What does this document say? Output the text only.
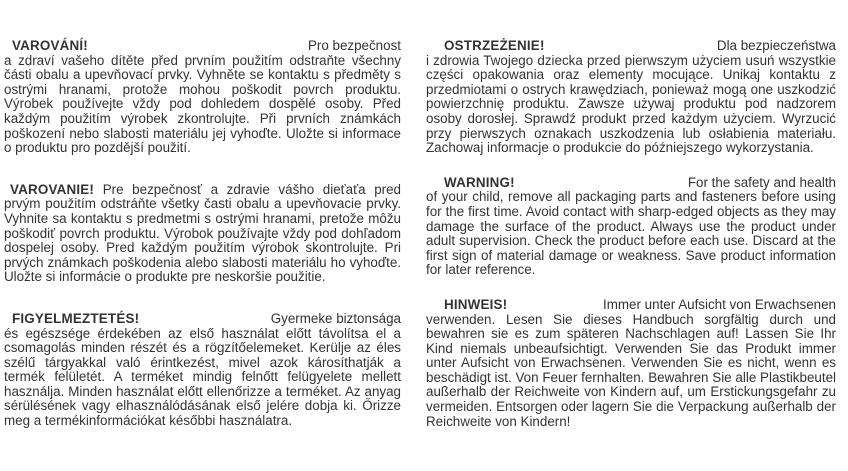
VAROVÁNÍ!	Pro bezpečnost
a zdraví vašeho dítěte před prvním použitím odstraňte všechny části obalu a upevňovací prvky. Vyhněte se kontaktu s předměty s ostrými hranami, protože mohou poškodit povrch produktu. Výrobek používejte vždy pod dohledem dospělé osoby. Před každým použitím výrobek zkontrolujte. Při prvních známkách poškození nebo slabosti materiálu jej vyhoďte. Uložte si informace o produktu pro pozdější použití.
VAROVANIE! Pre bezpečnosť a zdravie vášho dieťaťa pred prvým použitím odstráňte všetky časti obalu a upevňovacie prvky. Vyhnite sa kontaktu s predmetmi s ostrými hranami, pretože môžu poškodiť povrch produktu. Výrobok používajte vždy pod dohľadom dospelej osoby. Pred každým použitím výrobok skontrolujte. Pri prvých známkach poškodenia alebo slabosti materiálu ho vyhoďte. Uložte si informácie o produkte pre neskoršie použitie.
FIGYELMEZTETÉS!	Gyermeke biztonsága
és egészsége érdekében az első használat előtt távolítsa el a csomagolás minden részét és a rögzítőelemeket. Kerülje az éles szélű tárgyakkal való érintkezést, mivel azok károsíthatják a termék felületét. A terméket mindig felnőtt felügyelete mellett használja. Minden használat előtt ellenőrizze a terméket. Az anyag sérülésének vagy elhasználódásának első jelére dobja ki. Őrizze meg a termékinformációkat későbbi használatra.
OSTRZEŻENIE!	Dla bezpieczeństwa
i zdrowia Twojego dziecka przed pierwszym użyciem usuń wszystkie części opakowania oraz elementy mocujące. Unikaj kontaktu z przedmiotami o ostrych krawędziach, ponieważ mogą one uszkodzić powierzchnię produktu. Zawsze używaj produktu pod nadzorem osoby dorosłej. Sprawdź produkt przed każdym użyciem. Wyrzucić przy pierwszych oznakach uszkodzenia lub osłabienia materiału. Zachowaj informacje o produkcie do późniejszego wykorzystania.
WARNING!	For the safety and health
of your child, remove all packaging parts and fasteners before using for the first time. Avoid contact with sharp-edged objects as they may damage the surface of the product. Always use the product under adult supervision. Check the product before each use. Discard at the first sign of material damage or weakness. Save product information for later reference.
HINWEIS!	Immer unter Aufsicht von Erwachsenen
verwenden. Lesen Sie dieses Handbuch sorgfältig durch und bewahren sie es zum späteren Nachschlagen auf! Lassen Sie Ihr Kind niemals unbeaufsichtigt. Verwenden Sie das Produkt immer unter Aufsicht von Erwachsenen. Verwenden Sie es nicht, wenn es beschädigt ist. Von Feuer fernhalten. Bewahren Sie alle Plastikbeutel außerhalb der Reichweite von Kindern auf, um Erstickungsgefahr zu vermeiden. Entsorgen oder lagern Sie die Verpackung außerhalb der Reichweite von Kindern!
